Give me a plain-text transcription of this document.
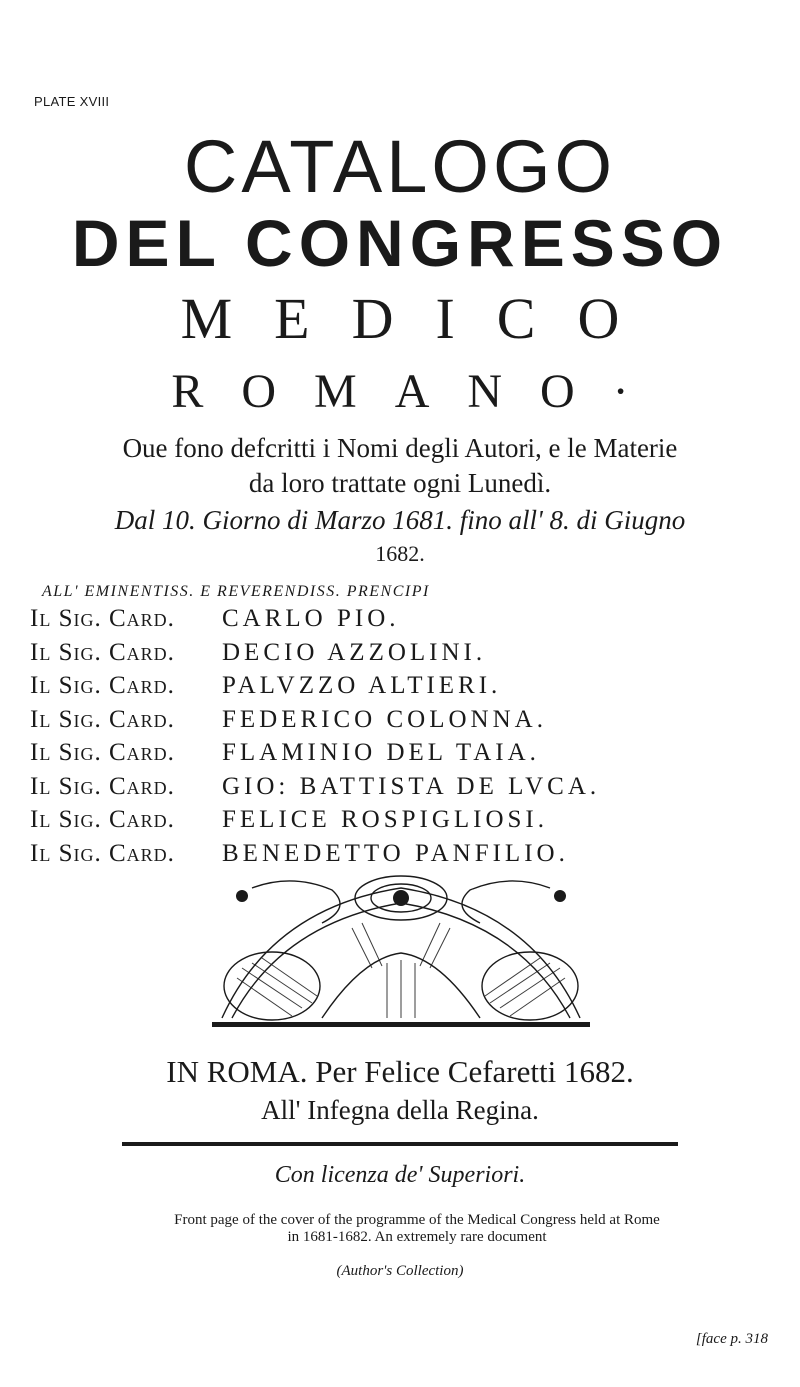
PLATE XVIII
CATALOGO
DEL CONGRESSO
MEDICO
ROMANO·
Oue fono defcritti i Nomi degli Autori, e le Materie
da loro trattate ogni Lunedì.
Dal 10. Giorno di Marzo 1681. fino all' 8. di Giugno
1682.
ALL' EMINENTISS. E REVERENDISS. PRENCIPI
Il Sig. Card.	CARLO PIO.
Il Sig. Card.	DECIO AZZOLINI.
Il Sig. Card.	PALVZZO ALTIERI.
Il Sig. Card.	FEDERICO COLONNA.
Il Sig. Card.	FLAMINIO DEL TAIA.
Il Sig. Card.	GIO: BATTISTA DE LVCA.
Il Sig. Card.	FELICE ROSPIGLIOSI.
Il Sig. Card.	BENEDETTO PANFILIO.
IN ROMA. Per Felice Cefaretti 1682.
All' Infegna della Regina.
Con licenza de' Superiori.
Front page of the cover of the programme of the Medical Congress held at Rome
in 1681-1682. An extremely rare document
(Author's Collection)
[face p. 318
